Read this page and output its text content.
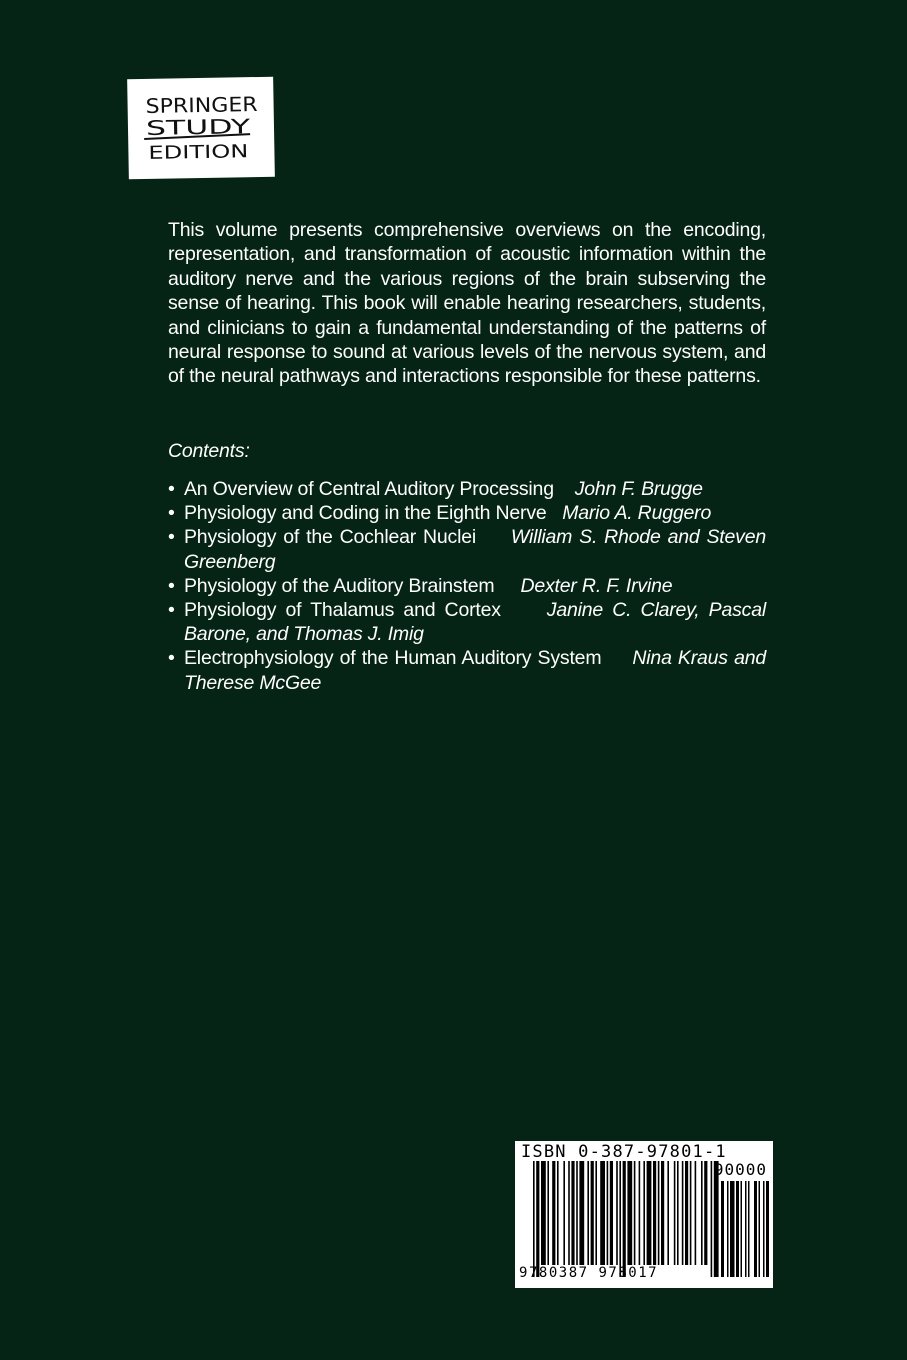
SPRINGER
STUDY
EDITION

This volume presents comprehensive overviews on the encoding, representation, and transformation of acoustic information within the auditory nerve and the various regions of the brain subserving the sense of hearing. This book will enable hearing researchers, students, and clinicians to gain a fundamental understanding of the patterns of neural response to sound at various levels of the nervous system, and of the neural pathways and interactions responsible for these patterns.

Contents:

• An Overview of Central Auditory Processing John F. Brugge
• Physiology and Coding in the Eighth Nerve Mario A. Ruggero
• Physiology of the Cochlear Nuclei William S. Rhode and Steven Greenberg
• Physiology of the Auditory Brainstem Dexter R. F. Irvine
• Physiology of Thalamus and Cortex Janine C. Clarey, Pascal Barone, and Thomas J. Imig
• Electrophysiology of the Human Auditory System Nina Kraus and Therese McGee
ISBN 0-387-97801-1
90000
9 780387 978017
